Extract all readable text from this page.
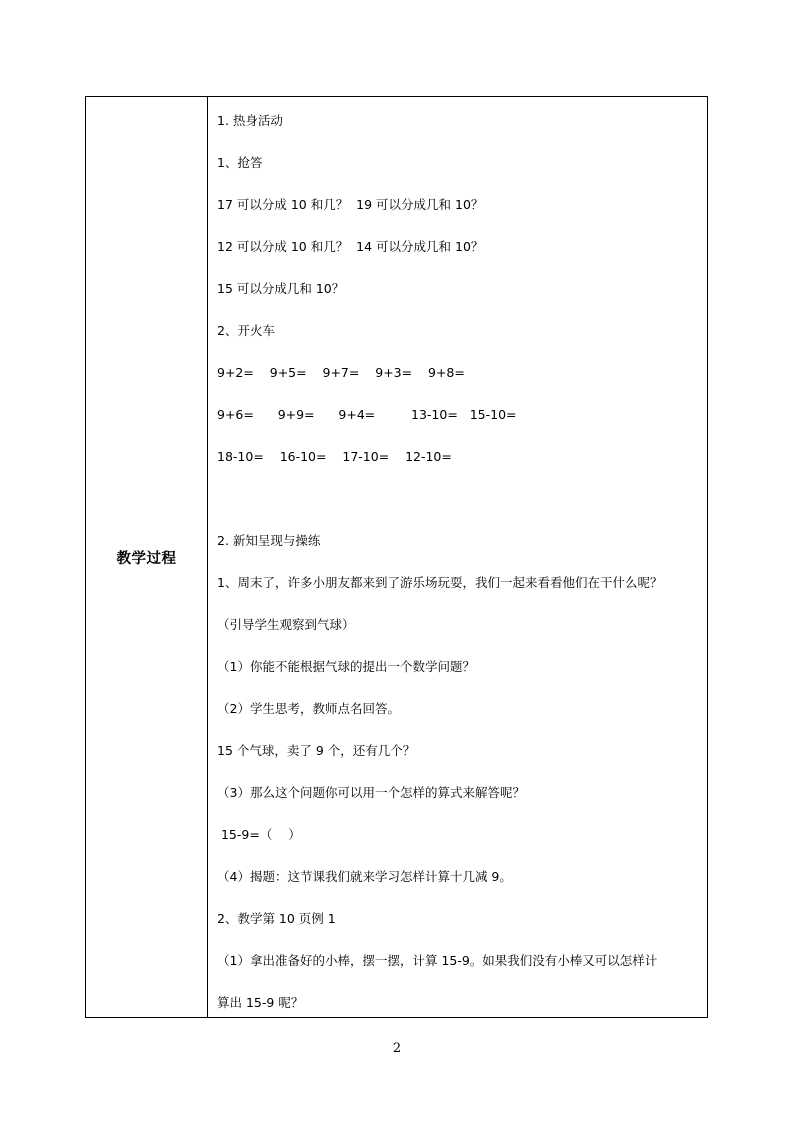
教学过程
1. 热身活动
1、抢答
17 可以分成 10 和几？  19 可以分成几和 10？
12 可以分成 10 和几？  14 可以分成几和 10？
15 可以分成几和 10？
2、开火车
9+2=    9+5=    9+7=    9+3=    9+8=
9+6=      9+9=      9+4=         13-10=   15-10=
18-10=    16-10=    17-10=    12-10=
2. 新知呈现与操练
1、周末了，许多小朋友都来到了游乐场玩耍，我们一起来看看他们在干什么呢？
（引导学生观察到气球）
（1）你能不能根据气球的提出一个数学问题？
（2）学生思考，教师点名回答。
15 个气球，卖了 9 个，还有几个？
（3）那么这个问题你可以用一个怎样的算式来解答呢？
15-9=（    ）
（4）揭题：这节课我们就来学习怎样计算十几减 9。
2、教学第 10 页例 1
（1）拿出准备好的小棒，摆一摆，计算 15-9。如果我们没有小棒又可以怎样计
算出 15-9 呢？
2
